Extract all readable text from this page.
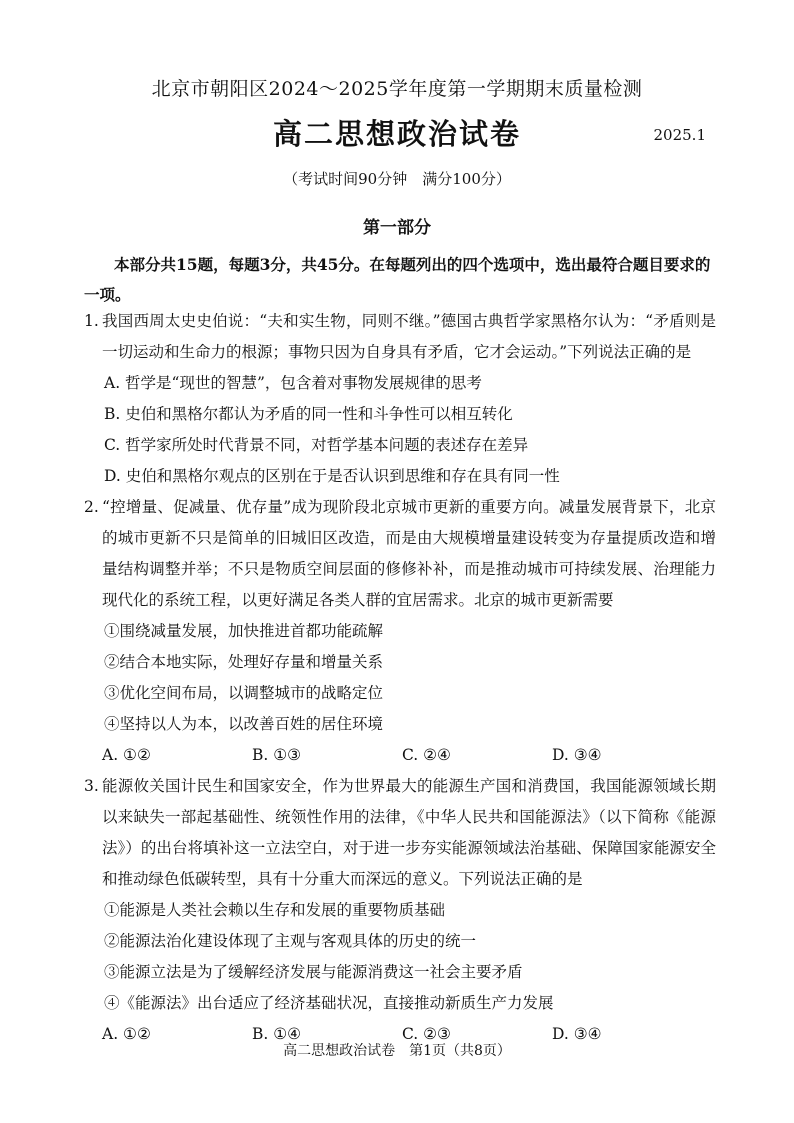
北京市朝阳区2024～2025学年度第一学期期末质量检测
高二思想政治试卷	2025.1
（考试时间90分钟　满分100分）
第一部分
本部分共15题，每题3分，共45分。在每题列出的四个选项中，选出最符合题目要求的一项。
1. 我国西周太史史伯说：“夫和实生物，同则不继。”德国古典哲学家黑格尔认为：“矛盾则是一切运动和生命力的根源；事物只因为自身具有矛盾，它才会运动。”下列说法正确的是
A. 哲学是“现世的智慧”，包含着对事物发展规律的思考
B. 史伯和黑格尔都认为矛盾的同一性和斗争性可以相互转化
C. 哲学家所处时代背景不同，对哲学基本问题的表述存在差异
D. 史伯和黑格尔观点的区别在于是否认识到思维和存在具有同一性
2. “控增量、促减量、优存量”成为现阶段北京城市更新的重要方向。减量发展背景下，北京的城市更新不只是简单的旧城旧区改造，而是由大规模增量建设转变为存量提质改造和增量结构调整并举；不只是物质空间层面的修修补补，而是推动城市可持续发展、治理能力现代化的系统工程，以更好满足各类人群的宜居需求。北京的城市更新需要
①围绕减量发展，加快推进首都功能疏解
②结合本地实际，处理好存量和增量关系
③优化空间布局，以调整城市的战略定位
④坚持以人为本，以改善百姓的居住环境
A. ①②	B. ①③	C. ②④	D. ③④
3. 能源攸关国计民生和国家安全，作为世界最大的能源生产国和消费国，我国能源领域长期以来缺失一部起基础性、统领性作用的法律，《中华人民共和国能源法》（以下简称《能源法》）的出台将填补这一立法空白，对于进一步夯实能源领域法治基础、保障国家能源安全和推动绿色低碳转型，具有十分重大而深远的意义。下列说法正确的是
①能源是人类社会赖以生存和发展的重要物质基础
②能源法治化建设体现了主观与客观具体的历史的统一
③能源立法是为了缓解经济发展与能源消费这一社会主要矛盾
④《能源法》出台适应了经济基础状况，直接推动新质生产力发展
A. ①②	B. ①④	C. ②③	D. ③④
高二思想政治试卷　第1页（共8页）
